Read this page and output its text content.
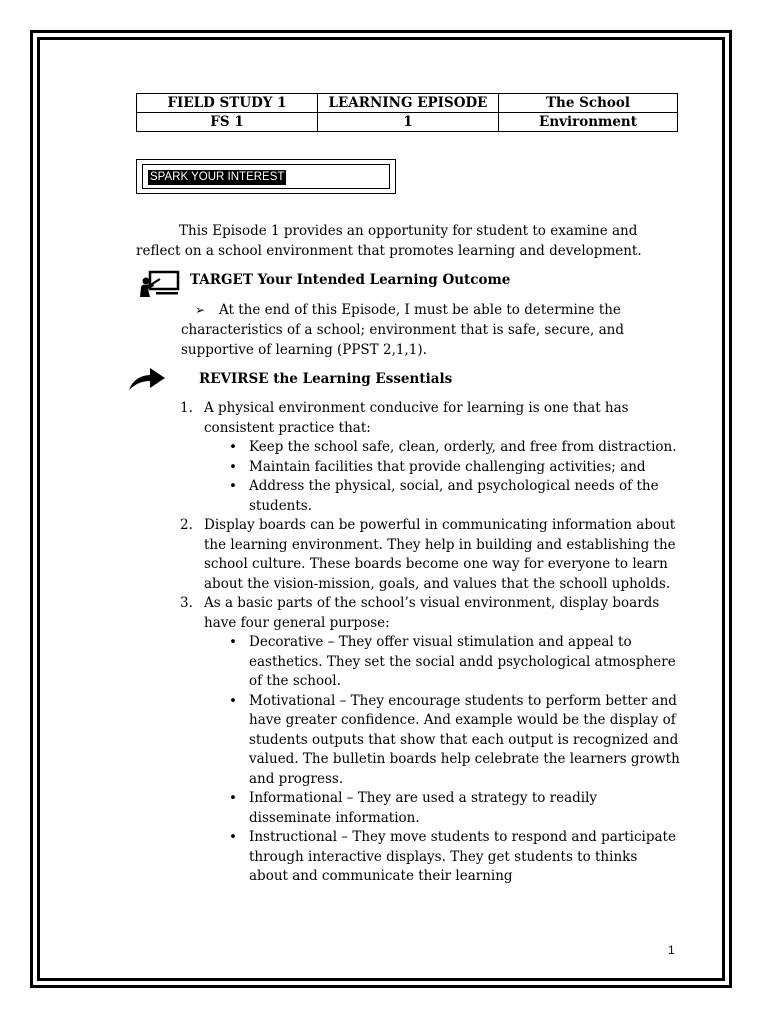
FIELD STUDY 1	LEARNING EPISODE	The School
FS 1	1	Environment
SPARK YOUR INTEREST

This Episode 1 provides an opportunity for student to examine and reflect on a school environment that promotes learning and development.

TARGET Your Intended Learning Outcome

➢ At the end of this Episode, I must be able to determine the characteristics of a school; environment that is safe, secure, and supportive of learning (PPST 2,1,1).

REVIRSE the Learning Essentials

1. A physical environment conducive for learning is one that has consistent practice that:
• Keep the school safe, clean, orderly, and free from distraction.
• Maintain facilities that provide challenging activities; and
• Address the physical, social, and psychological needs of the students.
2. Display boards can be powerful in communicating information about the learning environment. They help in building and establishing the school culture. These boards become one way for everyone to learn about the vision-mission, goals, and values that the schooll upholds.
3. As a basic parts of the school’s visual environment, display boards have four general purpose:
• Decorative – They offer visual stimulation and appeal to easthetics. They set the social andd psychological atmosphere of the school.
• Motivational – They encourage students to perform better and have greater confidence. And example would be the display of students outputs that show that each output is recognized and valued. The bulletin boards help celebrate the learners growth and progress.
• Informational – They are used a strategy to readily disseminate information.
• Instructional – They move students to respond and participate through interactive displays. They get students to thinks about and communicate their learning
1
